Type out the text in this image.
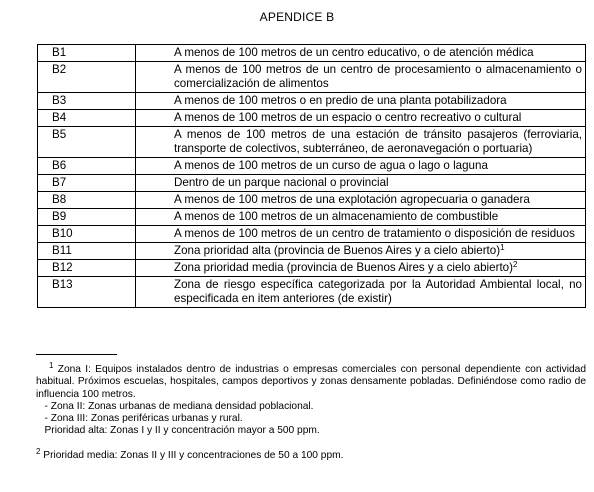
APENDICE B
B1	A menos de 100 metros de un centro educativo, o de atención médica
B2	A menos de 100 metros de un centro de procesamiento o almacenamiento o comercialización de alimentos
B3	A menos de 100 metros o en predio de una planta potabilizadora
B4	A menos de 100 metros de un espacio o centro recreativo o cultural
B5	A menos de 100 metros de una estación de tránsito pasajeros (ferroviaria, transporte de colectivos, subterráneo, de aeronavegación o portuaria)
B6	A menos de 100 metros de un curso de agua o lago o laguna
B7	Dentro de un parque nacional o provincial
B8	A menos de 100 metros de una explotación agropecuaria o ganadera
B9	A menos de 100 metros de un almacenamiento de combustible
B10	A menos de 100 metros de un centro de tratamiento o disposición de residuos
B11	Zona prioridad alta (provincia de Buenos Aires y a cielo abierto)$^1$
B12	Zona prioridad media (provincia de Buenos Aires y a cielo abierto)$^2$
B13	Zona de riesgo específica categorizada por la Autoridad Ambiental local, no especificada en item anteriores (de existir)

$^1$ Zona I: Equipos instalados dentro de industrias o empresas comerciales con personal dependiente con actividad habitual. Próximos escuelas, hospitales, campos deportivos y zonas densamente pobladas. Definiéndose como radio de influencia 100 metros.

- Zona II: Zonas urbanas de mediana densidad poblacional.

- Zona III: Zonas periféricas urbanas y rural.

Prioridad alta: Zonas I y II y concentración mayor a 500 ppm.

$^2$ Prioridad media: Zonas II y III y concentraciones de 50 a 100 ppm.
